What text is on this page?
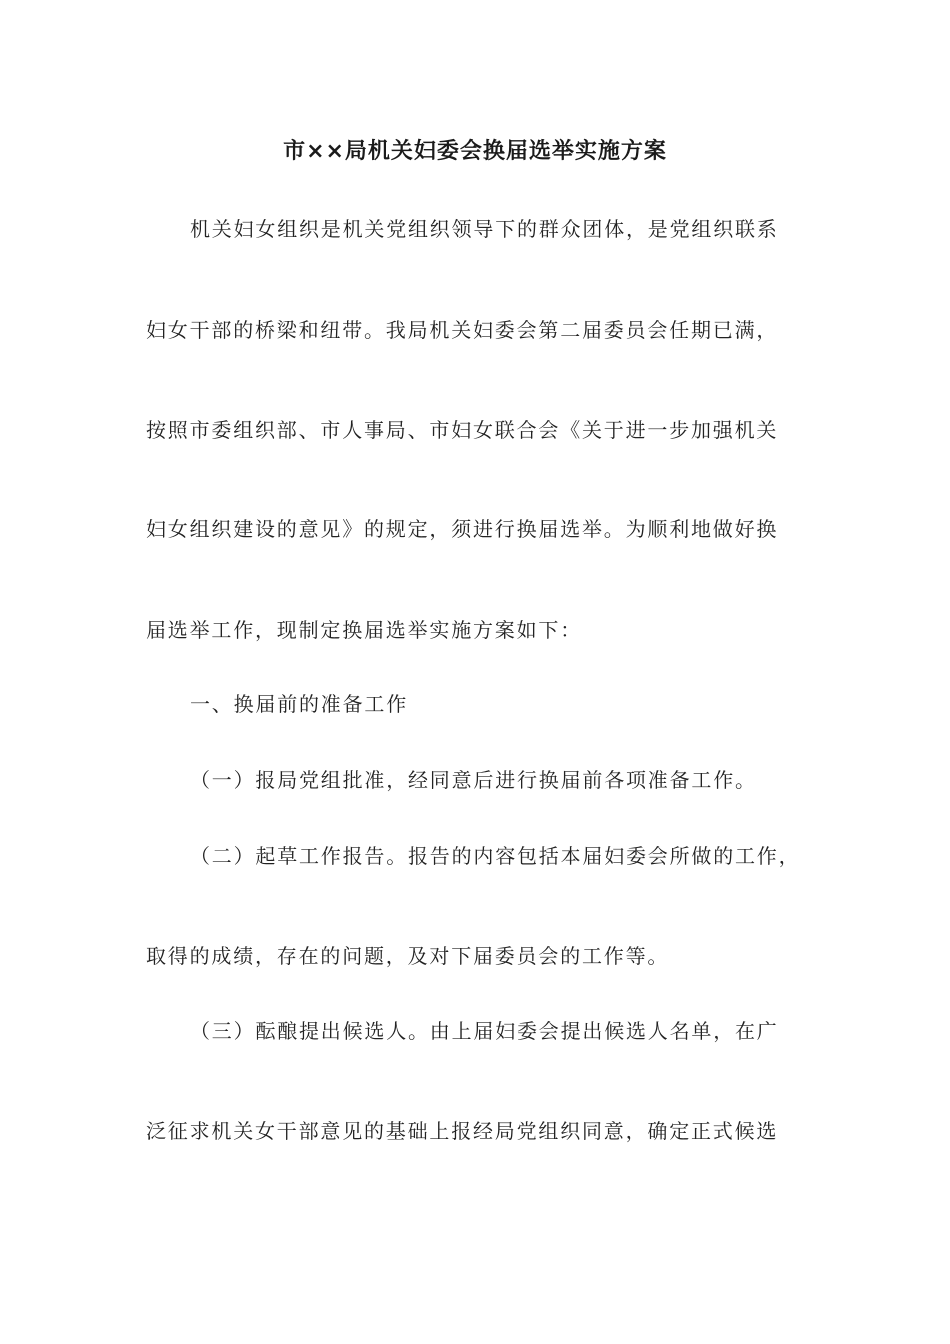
市××局机关妇委会换届选举实施方案

机关妇女组织是机关党组织领导下的群众团体，是党组织联系

妇女干部的桥梁和纽带。我局机关妇委会第二届委员会任期已满，

按照市委组织部、市人事局、市妇女联合会《关于进一步加强机关

妇女组织建设的意见》的规定，须进行换届选举。为顺利地做好换

届选举工作，现制定换届选举实施方案如下：

一、换届前的准备工作

（一）报局党组批准，经同意后进行换届前各项准备工作。

（二）起草工作报告。报告的内容包括本届妇委会所做的工作，

取得的成绩，存在的问题，及对下届委员会的工作等。

（三）酝酿提出候选人。由上届妇委会提出候选人名单，在广

泛征求机关女干部意见的基础上报经局党组织同意，确定正式候选
